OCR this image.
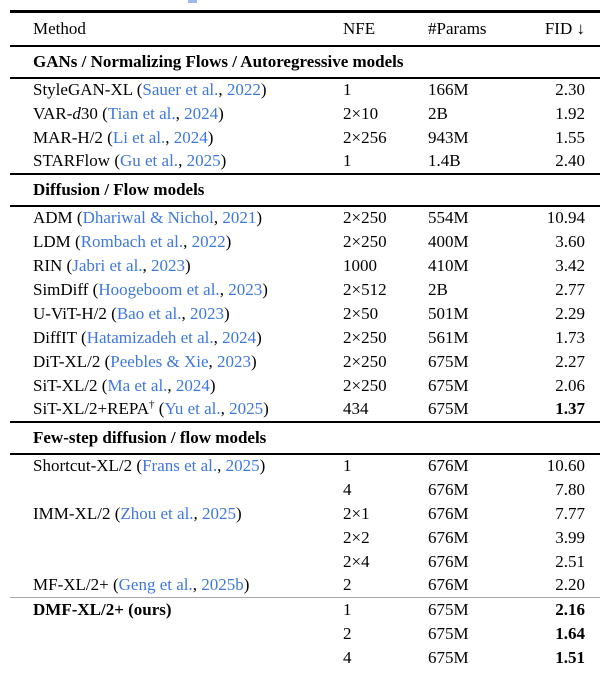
Method	NFE	#Params	FID ↓
GANs / Normalizing Flows / Autoregressive models			
StyleGAN-XL (Sauer et al., 2022)	1	166M	2.30
VAR-d30 (Tian et al., 2024)	2×10	2B	1.92
MAR-H/2 (Li et al., 2024)	2×256	943M	1.55
STARFlow (Gu et al., 2025)	1	1.4B	2.40
Diffusion / Flow models			
ADM (Dhariwal & Nichol, 2021)	2×250	554M	10.94
LDM (Rombach et al., 2022)	2×250	400M	3.60
RIN (Jabri et al., 2023)	1000	410M	3.42
SimDiff (Hoogeboom et al., 2023)	2×512	2B	2.77
U-ViT-H/2 (Bao et al., 2023)	2×50	501M	2.29
DiffIT (Hatamizadeh et al., 2024)	2×250	561M	1.73
DiT-XL/2 (Peebles & Xie, 2023)	2×250	675M	2.27
SiT-XL/2 (Ma et al., 2024)	2×250	675M	2.06
SiT-XL/2+REPA† (Yu et al., 2025)	434	675M	1.37
Few-step diffusion / flow models			
Shortcut-XL/2 (Frans et al., 2025)	1	676M	10.60
	4	676M	7.80
IMM-XL/2 (Zhou et al., 2025)	2×1	676M	7.77
	2×2	676M	3.99
	2×4	676M	2.51
MF-XL/2+ (Geng et al., 2025b)	2	676M	2.20
DMF-XL/2+ (ours)	1	675M	2.16
	2	675M	1.64
	4	675M	1.51
